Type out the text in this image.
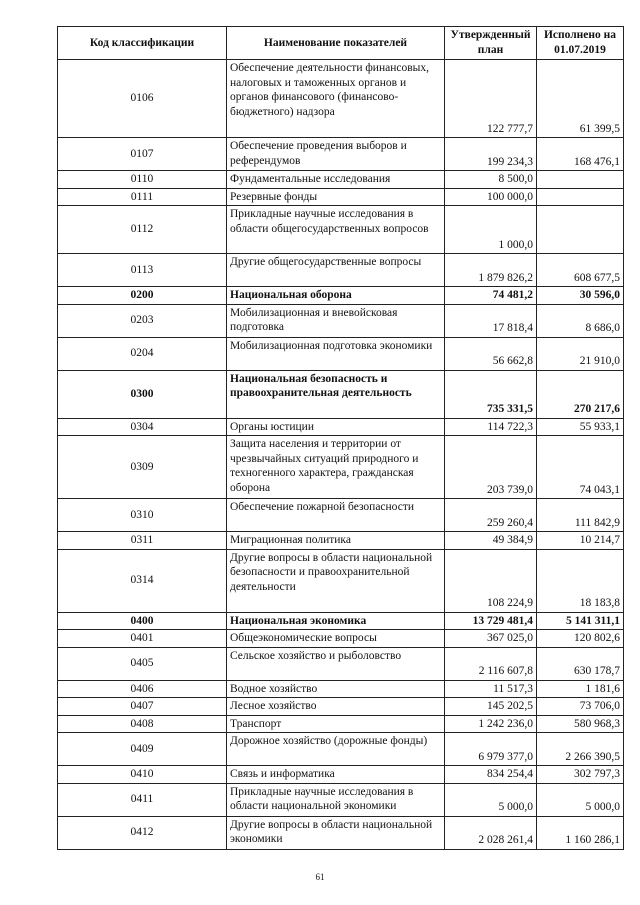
Код классификации	Наименование показателей	Утвержденный план	Исполнено на 01.07.2019
0106	Обеспечение деятельности финансовых, налоговых и таможенных органов и органов финансового (финансово-бюджетного) надзора	122 777,7	61 399,5
0107	Обеспечение проведения выборов и референдумов	199 234,3	168 476,1
0110	Фундаментальные исследования	8 500,0	
0111	Резервные фонды	100 000,0	
0112	Прикладные научные исследования в области общегосударственных вопросов	1 000,0	
0113	Другие общегосударственные вопросы	1 879 826,2	608 677,5
0200	Национальная оборона	74 481,2	30 596,0
0203	Мобилизационная и вневойсковая подготовка	17 818,4	8 686,0
0204	Мобилизационная подготовка экономики	56 662,8	21 910,0
0300	Национальная безопасность и правоохранительная деятельность	735 331,5	270 217,6
0304	Органы юстиции	114 722,3	55 933,1
0309	Защита населения и территории от чрезвычайных ситуаций природного и техногенного характера, гражданская оборона	203 739,0	74 043,1
0310	Обеспечение пожарной безопасности	259 260,4	111 842,9
0311	Миграционная политика	49 384,9	10 214,7
0314	Другие вопросы в области национальной безопасности и правоохранительной деятельности	108 224,9	18 183,8
0400	Национальная экономика	13 729 481,4	5 141 311,1
0401	Общеэкономические вопросы	367 025,0	120 802,6
0405	Сельское хозяйство и рыболовство	2 116 607,8	630 178,7
0406	Водное хозяйство	11 517,3	1 181,6
0407	Лесное хозяйство	145 202,5	73 706,0
0408	Транспорт	1 242 236,0	580 968,3
0409	Дорожное хозяйство (дорожные фонды)	6 979 377,0	2 266 390,5
0410	Связь и информатика	834 254,4	302 797,3
0411	Прикладные научные исследования в области национальной экономики	5 000,0	5 000,0
0412	Другие вопросы в области национальной экономики	2 028 261,4	1 160 286,1
61
